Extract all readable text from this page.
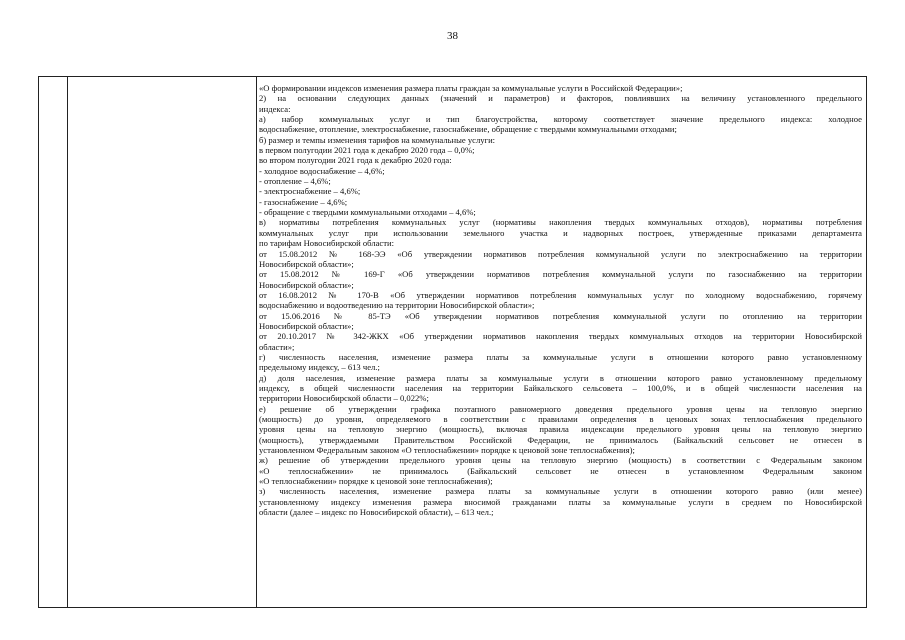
38
«О формировании индексов изменения размера платы граждан за коммунальные услуги в Российской Федерации»;
2) на основании следующих данных (значений и параметров) и факторов, повлиявших на величину установленного предельного
индекса:
а) набор коммунальных услуг и тип благоустройства, которому соответствует значение предельного индекса: холодное
водоснабжение, отопление, электроснабжение, газоснабжение, обращение с твердыми коммунальными отходами;
б) размер и темпы изменения тарифов на коммунальные услуги:
в первом полугодии 2021 года к декабрю 2020 года – 0,0%;
во втором полугодии 2021 года к декабрю 2020 года:
- холодное водоснабжение – 4,6%;
- отопление – 4,6%;
- электроснабжение – 4,6%;
- газоснабжение – 4,6%;
- обращение с твердыми коммунальными отходами – 4,6%;
в) нормативы потребления коммунальных услуг (нормативы накопления твердых коммунальных отходов), нормативы потребления
коммунальных услуг при использовании земельного участка и надворных построек, утвержденные приказами департамента
по тарифам Новосибирской области:
от 15.08.2012 № 168-ЭЭ «Об утверждении нормативов потребления коммунальной услуги по электроснабжению на территории
Новосибирской области»;
от 15.08.2012 № 169-Г «Об утверждении нормативов потребления коммунальной услуги по газоснабжению на территории
Новосибирской области»;
от 16.08.2012 № 170-В «Об утверждении нормативов потребления коммунальных услуг по холодному водоснабжению, горячему
водоснабжению и водоотведению на территории Новосибирской области»;
от 15.06.2016 № 85-ТЭ «Об утверждении нормативов потребления коммунальной услуги по отоплению на территории
Новосибирской области»;
от 20.10.2017 № 342-ЖКХ «Об утверждении нормативов накопления твердых коммунальных отходов на территории Новосибирской
области»;
г) численность населения, изменение размера платы за коммунальные услуги в отношении которого равно установленному
предельному индексу, – 613 чел.;
д) доля населения, изменение размера платы за коммунальные услуги в отношении которого равно установленному предельному
индексу, в общей численности населения на территории Байкальского сельсовета – 100,0%, и в общей численности населения на
территории Новосибирской области – 0,022%;
е) решение об утверждении графика поэтапного равномерного доведения предельного уровня цены на тепловую энергию
(мощность) до уровня, определяемого в соответствии с правилами определения в ценовых зонах теплоснабжения предельного
уровня цены на тепловую энергию (мощность), включая правила индексации предельного уровня цены на тепловую энергию
(мощность), утверждаемыми Правительством Российской Федерации, не принималось (Байкальский сельсовет не отнесен в
установленном Федеральным законом «О теплоснабжении» порядке к ценовой зоне теплоснабжения);
ж) решение об утверждении предельного уровня цены на тепловую энергию (мощность) в соответствии с Федеральным законом
«О теплоснабжении» не принималось (Байкальский сельсовет не отнесен в установленном Федеральным законом
«О теплоснабжении» порядке к ценовой зоне теплоснабжения);
з) численность населения, изменение размера платы за коммунальные услуги в отношении которого равно (или менее)
установленному индексу изменения размера вносимой гражданами платы за коммунальные услуги в среднем по Новосибирской
области (далее – индекс по Новосибирской области), – 613 чел.;
